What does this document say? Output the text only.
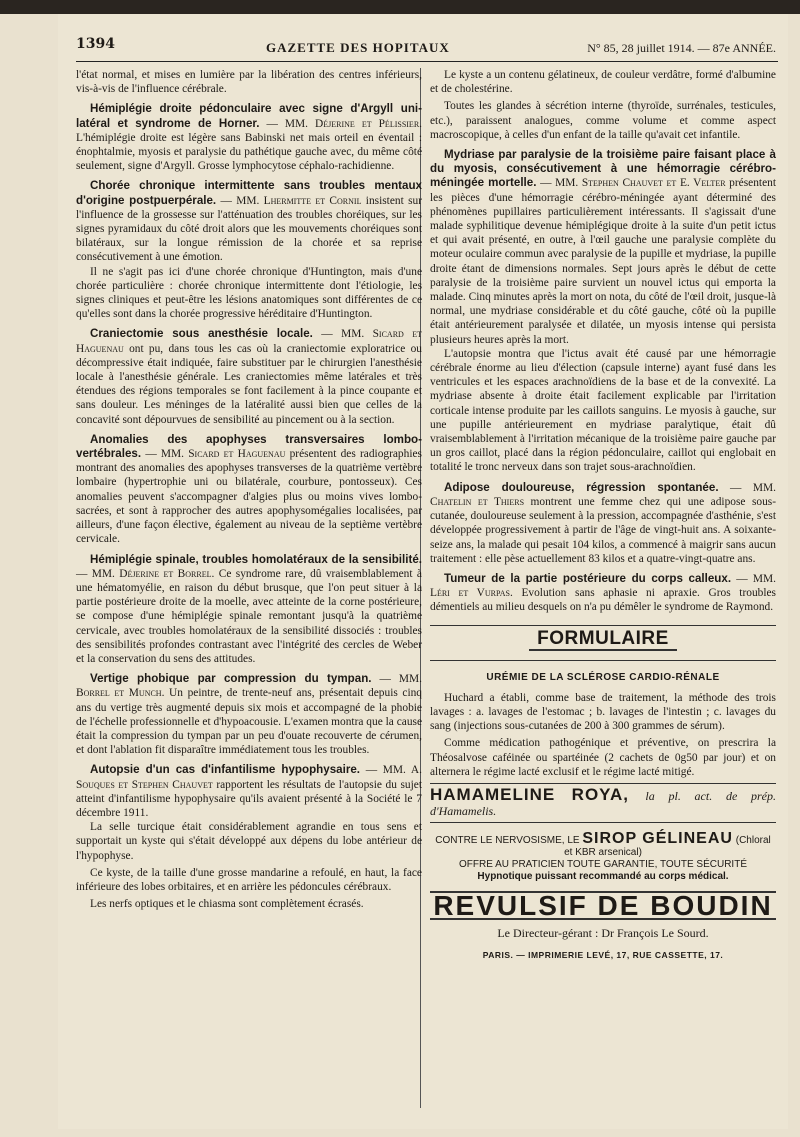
1394	GAZETTE DES HOPITAUX	N° 85, 28 juillet 1914. — 87e ANNÉE.

l'état normal, et mises en lumière par la libération des centres inférieurs, vis-à-vis de l'influence cérébrale.

Hémiplégie droite pédonculaire avec signe d'Argyll uni-latéral et syndrome de Horner. — MM. Déjerine et Pélissier. L'hémiplégie droite est légère sans Babinski net mais orteil en éventail : énophtalmie, myosis et paralysie du pathétique gauche avec, du même côté seulement, signe d'Argyll. Grosse lymphocytose céphalo-rachidienne.

Chorée chronique intermittente sans troubles mentaux d'origine postpuerpérale. — MM. Lhermitte et Cornil insistent sur l'influence de la grossesse sur l'atténuation des troubles choréiques, sur les signes pyramidaux du côté droit alors que les mouvements choréiques sont bilatéraux, sur la longue rémission de la chorée et sa reprise consécutivement à une émotion.

Il ne s'agit pas ici d'une chorée chronique d'Huntington, mais d'une chorée particulière : chorée chronique intermittente dont l'étiologie, les signes cliniques et peut-être les lésions anatomiques sont différentes de ce qu'elles sont dans la chorée progressive héréditaire d'Huntington.

Craniectomie sous anesthésie locale. — MM. Sicard et Haguenau ont pu, dans tous les cas où la craniectomie exploratrice ou décompressive était indiquée, faire substituer par le chirurgien l'anesthésie locale à l'anesthésie générale. Les craniectomies même latérales et très étendues des régions temporales se font facilement à la pince coupante et sans douleur. Les méninges de la latéralité aussi bien que celles de la concavité sont dépourvues de sensibilité au pincement ou à la section.

Anomalies des apophyses transversaires lombo-vertébrales. — MM. Sicard et Haguenau présentent des radiographies montrant des anomalies des apophyses transverses de la quatrième vertèbre lombaire (hypertrophie uni ou bilatérale, courbure, pontosseux). Ces anomalies peuvent s'accompagner d'algies plus ou moins vives lombo-sacrées, et sont à rapprocher des autres apophysomégalies localisées, par ailleurs, d'une façon élective, également au niveau de la septième vertèbre cervicale.

Hémiplégie spinale, troubles homolatéraux de la sensibilité. — MM. Déjerine et Borrel. Ce syndrome rare, dû vraisemblablement à une hématomyélie, en raison du début brusque, que l'on peut situer à la partie postérieure droite de la moelle, avec atteinte de la corne postérieure, se compose d'une hémiplégie spinale remontant jusqu'à la quatrième cervicale, avec troubles homolatéraux de la sensibilité dissociés : troubles des sensibilités profondes contrastant avec l'intégrité des cercles de Weber et la conservation du sens des attitudes.

Vertige phobique par compression du tympan. — MM. Borrel et Munch. Un peintre, de trente-neuf ans, présentait depuis cinq ans du vertige très augmenté depuis six mois et accompagné de la phobie de l'échelle professionnelle et d'hypoacousie. L'examen montra que la cause était la compression du tympan par un peu d'ouate recouverte de cérumen, et dont l'ablation fit disparaître immédiatement tous les troubles.

Autopsie d'un cas d'infantilisme hypophysaire. — MM. A. Souques et Stephen Chauvet rapportent les résultats de l'autopsie du sujet atteint d'infantilisme hypophysaire qu'ils avaient présenté à la Société le 7 décembre 1911.

La selle turcique était considérablement agrandie en tous sens et supportait un kyste qui s'était développé aux dépens du lobe antérieur de l'hypophyse.

Ce kyste, de la taille d'une grosse mandarine a refoulé, en haut, la face inférieure des lobes orbitaires, et en arrière les pédoncules cérébraux.

Les nerfs optiques et le chiasma sont complètement écrasés.

Le kyste a un contenu gélatineux, de couleur verdâtre, formé d'albumine et de cholestérine.

Toutes les glandes à sécrétion interne (thyroïde, surrénales, testicules, etc.), paraissent analogues, comme volume et comme aspect macroscopique, à celles d'un enfant de la taille qu'avait cet infantile.

Mydriase par paralysie de la troisième paire faisant place à du myosis, consécutivement à une hémorragie cérébro-méningée mortelle. — MM. Stephen Chauvet et E. Velter présentent les pièces d'une hémorragie cérébro-méningée ayant déterminé des phénomènes pupillaires particulièrement intéressants. Il s'agissait d'une malade syphilitique devenue hémiplégique droite à la suite d'un petit ictus et qui avait présenté, en outre, à l'œil gauche une paralysie complète du moteur oculaire commun avec paralysie de la pupille et mydriase, la pupille droite étant de dimensions normales. Sept jours après le début de cette paralysie de la troisième paire survient un nouvel ictus qui emporta la malade. Cinq minutes après la mort on nota, du côté de l'œil droit, jusque-là normal, une mydriase considérable et du côté gauche, côté où la pupille était antérieurement paralysée et dilatée, un myosis intense qui persista plusieurs heures après la mort.

L'autopsie montra que l'ictus avait été causé par une hémorragie cérébrale énorme au lieu d'élection (capsule interne) ayant fusé dans les ventricules et les espaces arachnoïdiens de la base et de la convexité. La mydriase absente à droite était facilement explicable par l'irritation corticale intense produite par les caillots sanguins. Le myosis à gauche, sur une pupille antérieurement en mydriase paralytique, était dû vraisemblablement à l'irritation mécanique de la troisième paire gauche par un gros caillot, placé dans la région pédonculaire, caillot qui englobait en totalité le tronc nerveux dans son trajet sous-arachnoïdien.

Adipose douloureuse, régression spontanée. — MM. Chatelin et Thiers montrent une femme chez qui une adipose sous-cutanée, douloureuse seulement à la pression, accompagnée d'asthénie, s'est développée progressivement à partir de l'âge de vingt-huit ans. A soixante-seize ans, la malade qui pesait 104 kilos, a commencé à maigrir sans aucun traitement : elle pèse actuellement 83 kilos et a quatre-vingt-quatre ans.

Tumeur de la partie postérieure du corps calleux. — MM. Léri et Vurpas. Evolution sans aphasie ni apraxie. Gros troubles démentiels au milieu desquels on n'a pu démêler le syndrome de Raymond.

FORMULAIRE
URÉMIE DE LA SCLÉROSE CARDIO-RÉNALE

Huchard a établi, comme base de traitement, la méthode des trois lavages : a. lavages de l'estomac ; b. lavages de l'intestin ; c. lavages du sang (injections sous-cutanées de 200 à 300 grammes de sérum).

Comme médication pathogénique et préventive, on prescrira la Théosalvose caféinée ou spartéinée (2 cachets de 0g50 par jour) et on alternera le régime lacté exclusif et le régime lacté mitigé.

HAMAMELINE ROYA, la pl. act. de prép. d'Hamamelis.
CONTRE LE NERVOSISME, LE SIROP GÉLINEAU (Chloral et KBR arsenical)
OFFRE AU PRATICIEN TOUTE GARANTIE, TOUTE SÉCURITÉ
Hypnotique puissant recommandé au corps médical.
REVULSIF DE BOUDIN
Le Directeur-gérant : Dr François Le Sourd.
PARIS. — IMPRIMERIE LEVÉ, 17, RUE CASSETTE, 17.
